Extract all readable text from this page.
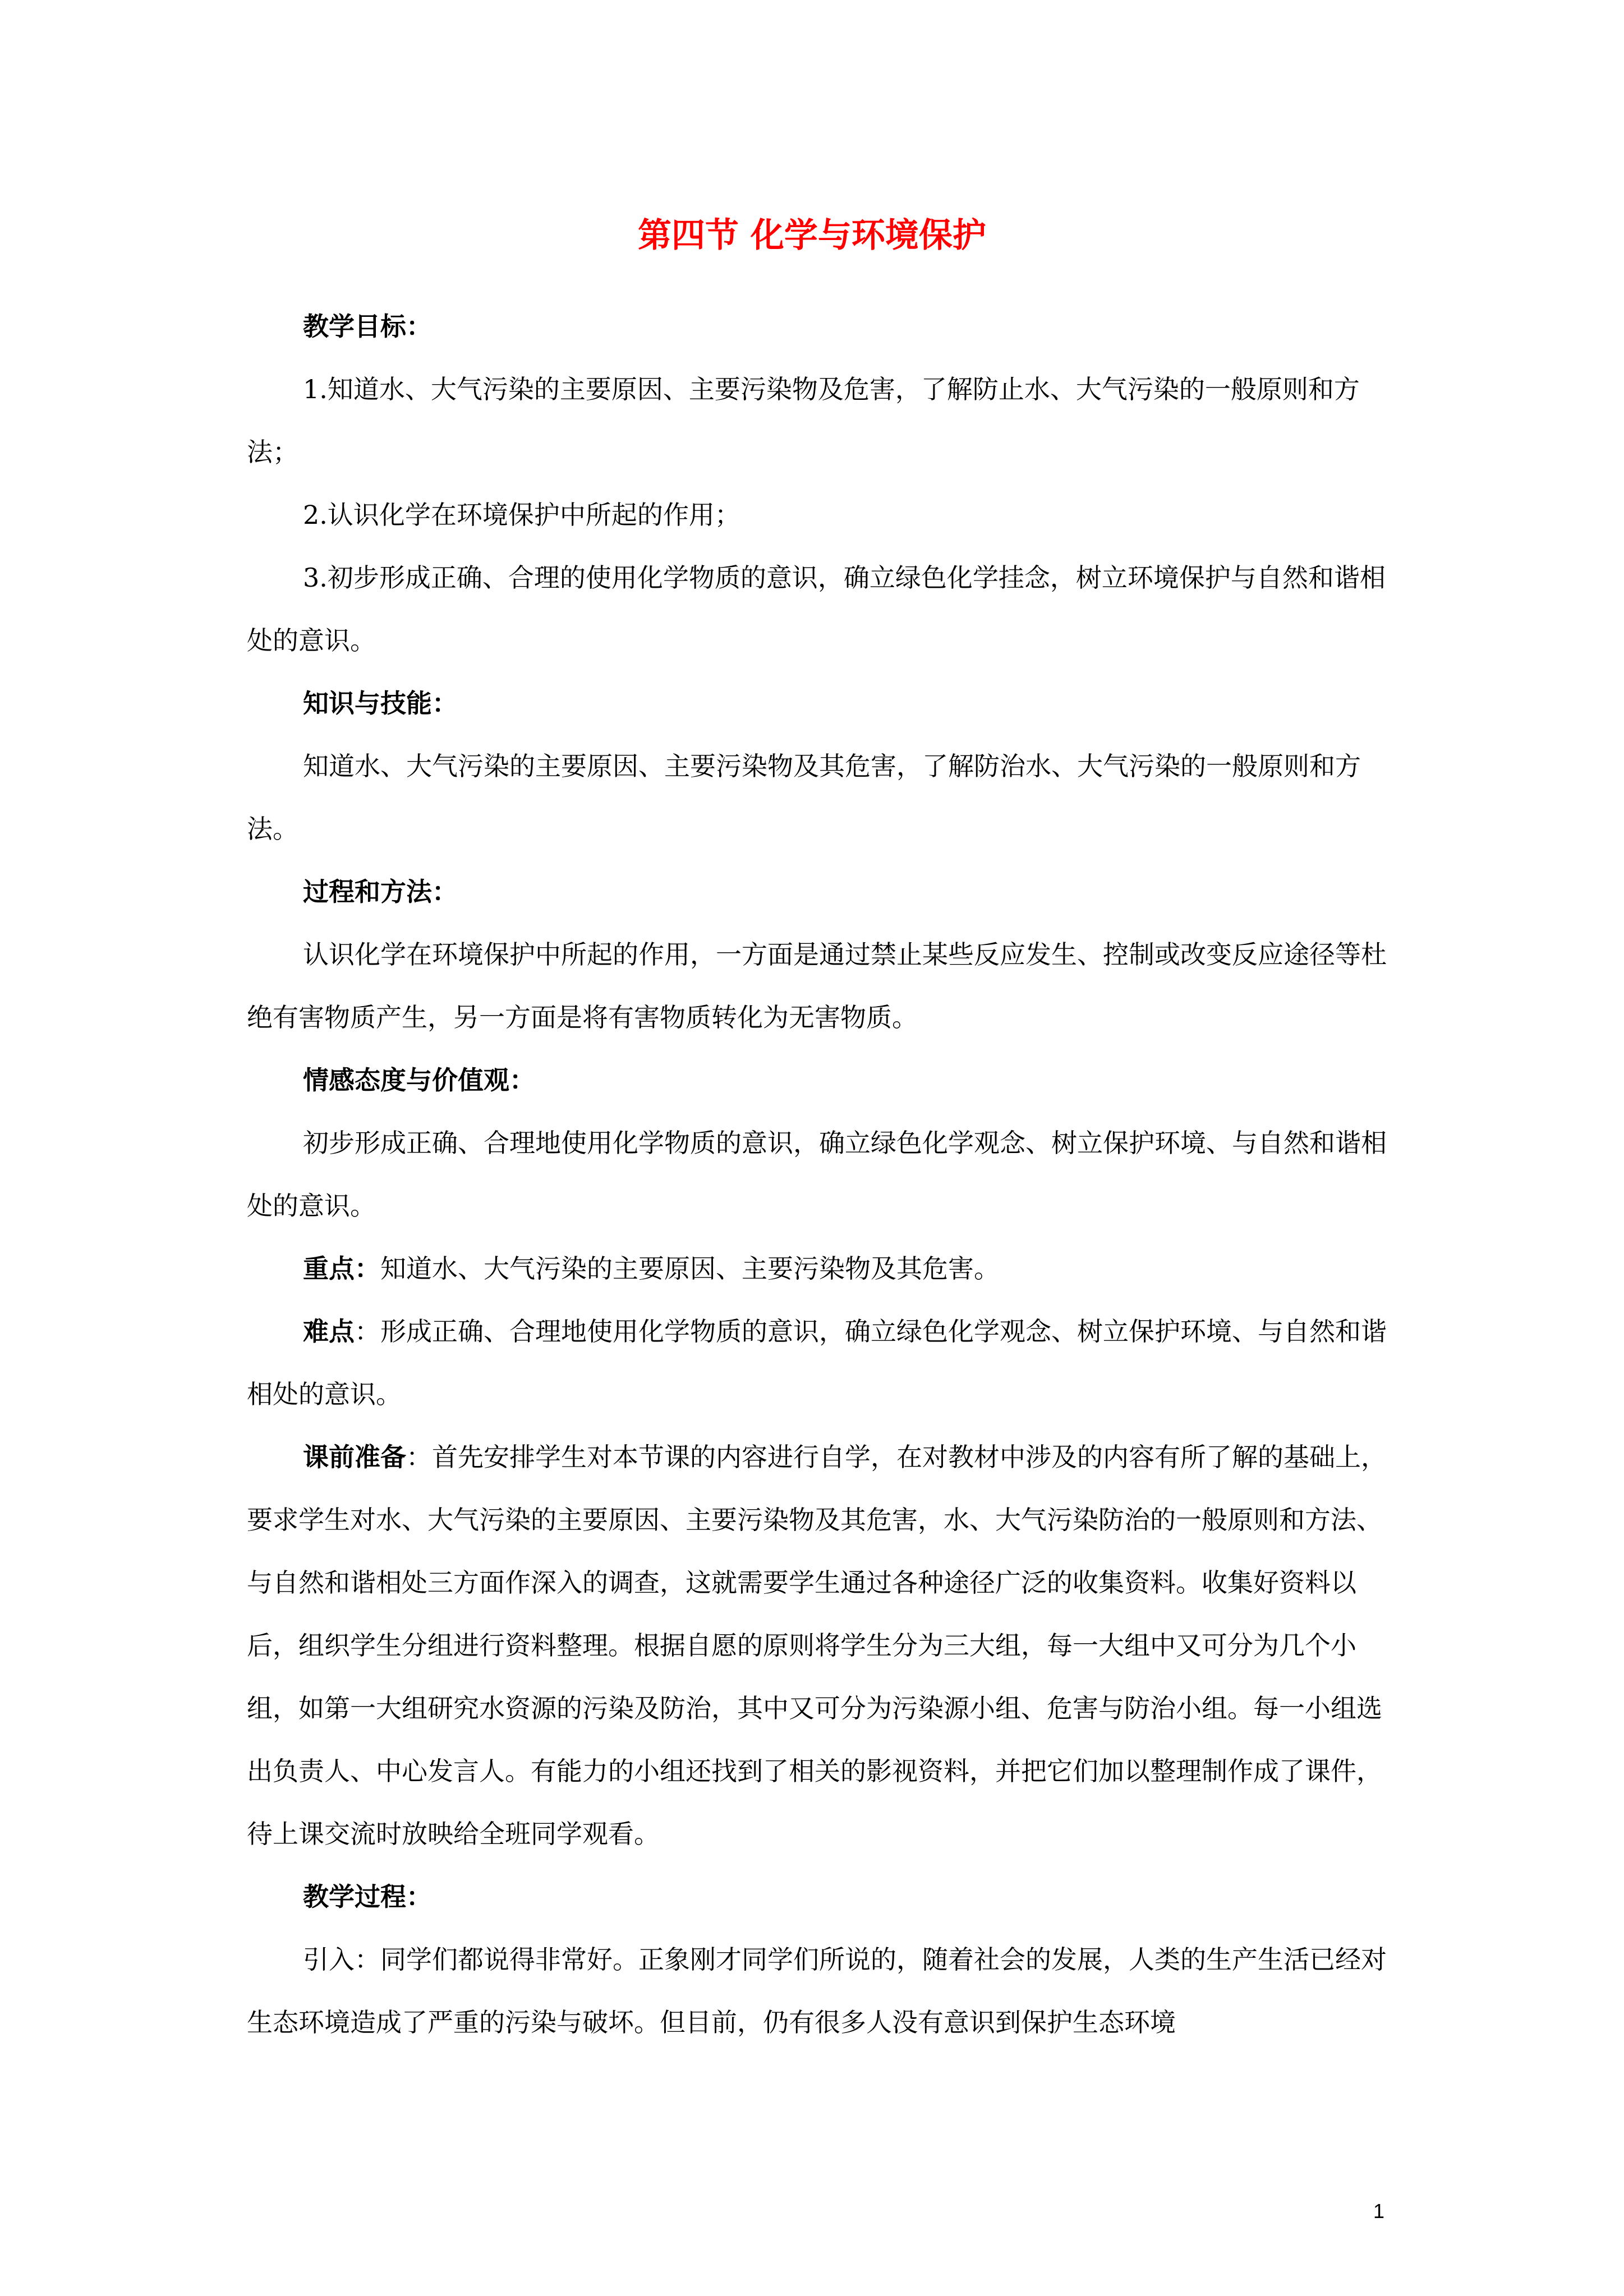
第四节 化学与环境保护

教学目标：

1.知道水、大气污染的主要原因、主要污染物及危害，了解防止水、大气污染的一般原则和方法；

2.认识化学在环境保护中所起的作用；

3.初步形成正确、合理的使用化学物质的意识，确立绿色化学挂念，树立环境保护与自然和谐相处的意识。

知识与技能：

知道水、大气污染的主要原因、主要污染物及其危害，了解防治水、大气污染的一般原则和方法。

过程和方法：

认识化学在环境保护中所起的作用，一方面是通过禁止某些反应发生、控制或改变反应途径等杜绝有害物质产生，另一方面是将有害物质转化为无害物质。

情感态度与价值观：

初步形成正确、合理地使用化学物质的意识，确立绿色化学观念、树立保护环境、与自然和谐相处的意识。

重点：知道水、大气污染的主要原因、主要污染物及其危害。

难点：形成正确、合理地使用化学物质的意识，确立绿色化学观念、树立保护环境、与自然和谐相处的意识。

课前准备：首先安排学生对本节课的内容进行自学，在对教材中涉及的内容有所了解的基础上，要求学生对水、大气污染的主要原因、主要污染物及其危害，水、大气污染防治的一般原则和方法、与自然和谐相处三方面作深入的调查，这就需要学生通过各种途径广泛的收集资料。收集好资料以后，组织学生分组进行资料整理。根据自愿的原则将学生分为三大组，每一大组中又可分为几个小组，如第一大组研究水资源的污染及防治，其中又可分为污染源小组、危害与防治小组。每一小组选出负责人、中心发言人。有能力的小组还找到了相关的影视资料，并把它们加以整理制作成了课件，待上课交流时放映给全班同学观看。

教学过程：

引入：同学们都说得非常好。正象刚才同学们所说的，随着社会的发展，人类的生产生活已经对生态环境造成了严重的污染与破坏。但目前，仍有很多人没有意识到保护生态环境

1
